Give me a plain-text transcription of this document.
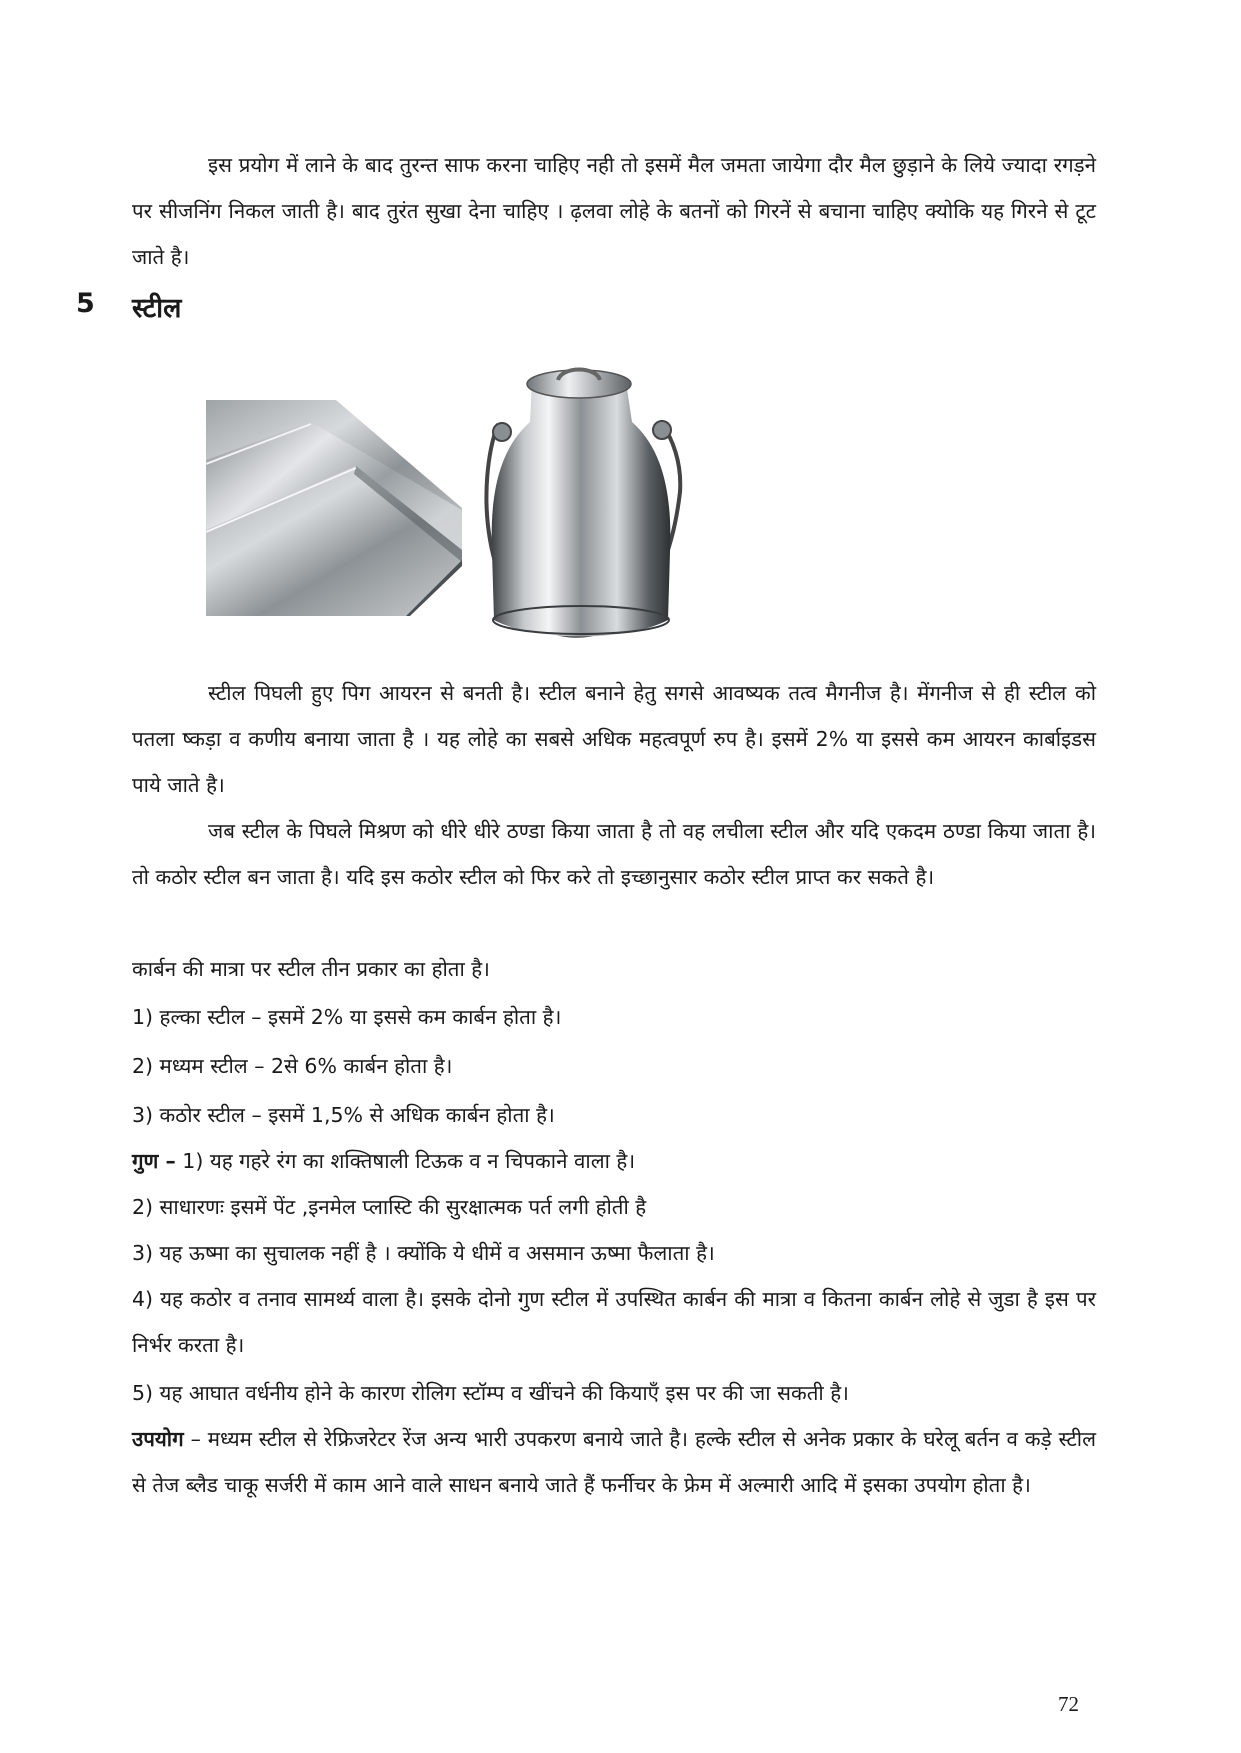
इस प्रयोग में लाने के बाद तुरन्त साफ करना चाहिए नही तो इसमें मैल जमता जायेगा दौर मैल छुड़ाने के लिये ज्यादा रगड़ने पर सीजनिंग निकल जाती है। बाद तुरंत सुखा देना चाहिए । ढ़लवा लोहे के बतनों को गिरनें से बचाना चाहिए क्योकि यह गिरने से टूट जाते है।
5 स्टील
स्टील पिघली हुए पिग आयरन से बनती है। स्टील बनाने हेतु सगसे आवष्यक तत्व मैगनीज है। मेंगनीज से ही स्टील को पतला ष्कड़ा व कणीय बनाया जाता है । यह लोहे का सबसे अधिक महत्वपूर्ण रुप है। इसमें 2% या इससे कम आयरन कार्बाइडस पाये जाते है।
जब स्टील के पिघले मिश्रण को धीरे धीरे ठण्डा किया जाता है तो वह लचीला स्टील और यदि एकदम ठण्डा किया जाता है। तो कठोर स्टील बन जाता है। यदि इस कठोर स्टील को फिर करे तो इच्छानुसार कठोर स्टील प्राप्त कर सकते है।
कार्बन की मात्रा पर स्टील तीन प्रकार का होता है।
1) हल्का स्टील – इसमें 2% या इससे कम कार्बन होता है।
2) मध्यम स्टील – 2से 6% कार्बन होता है।
3) कठोर स्टील – इसमें 1,5% से अधिक कार्बन होता है।
गुण – 1) यह गहरे रंग का शक्तिषाली टिऊक व न चिपकाने वाला है।
2) साधारणः इसमें पेंट ,इनमेल प्लास्टि की सुरक्षात्मक पर्त लगी होती है
3) यह ऊष्मा का सुचालक नहीं है । क्योंकि ये धीमें व असमान ऊष्मा फैलाता है।
4) यह कठोर व तनाव सामर्थ्य वाला है। इसके दोनो गुण स्टील में उपस्थित कार्बन की मात्रा व कितना कार्बन लोहे से जुडा है इस पर निर्भर करता है।
5) यह आघात वर्धनीय होने के कारण रोलिग स्टॉम्प व खींचने की कियाऍं इस पर की जा सकती है।
उपयोग – मध्यम स्टील से रेफ्रिजरेटर रेंज अन्य भारी उपकरण बनाये जाते है। हल्के स्टील से अनेक प्रकार के घरेलू बर्तन व कड़े स्टील से तेज ब्लैड चाकू सर्जरी में काम आने वाले साधन बनाये जाते हैं फर्नीचर के फ्रेम में अल्मारी आदि में इसका उपयोग होता है।
72
